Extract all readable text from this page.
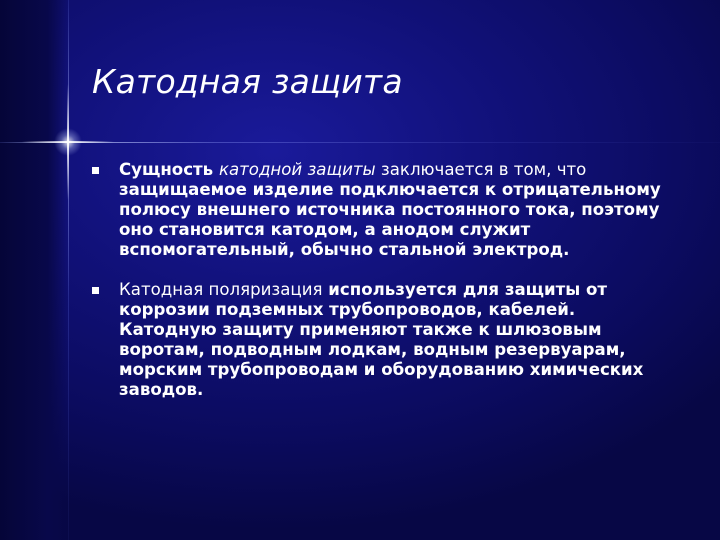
Катодная защита
Сущность катодной защиты заключается в том, что защищаемое изделие подключается к отрицательному полюсу внешнего источника постоянного тока, поэтому оно становится катодом, а анодом служит вспомогательный, обычно стальной электрод.
Катодная поляризация используется для защиты от коррозии подземных трубопроводов, кабелей. Катодную защиту применяют также к шлюзовым воротам, подводным лодкам, водным резервуарам, морским трубопроводам и оборудованию химических заводов.
